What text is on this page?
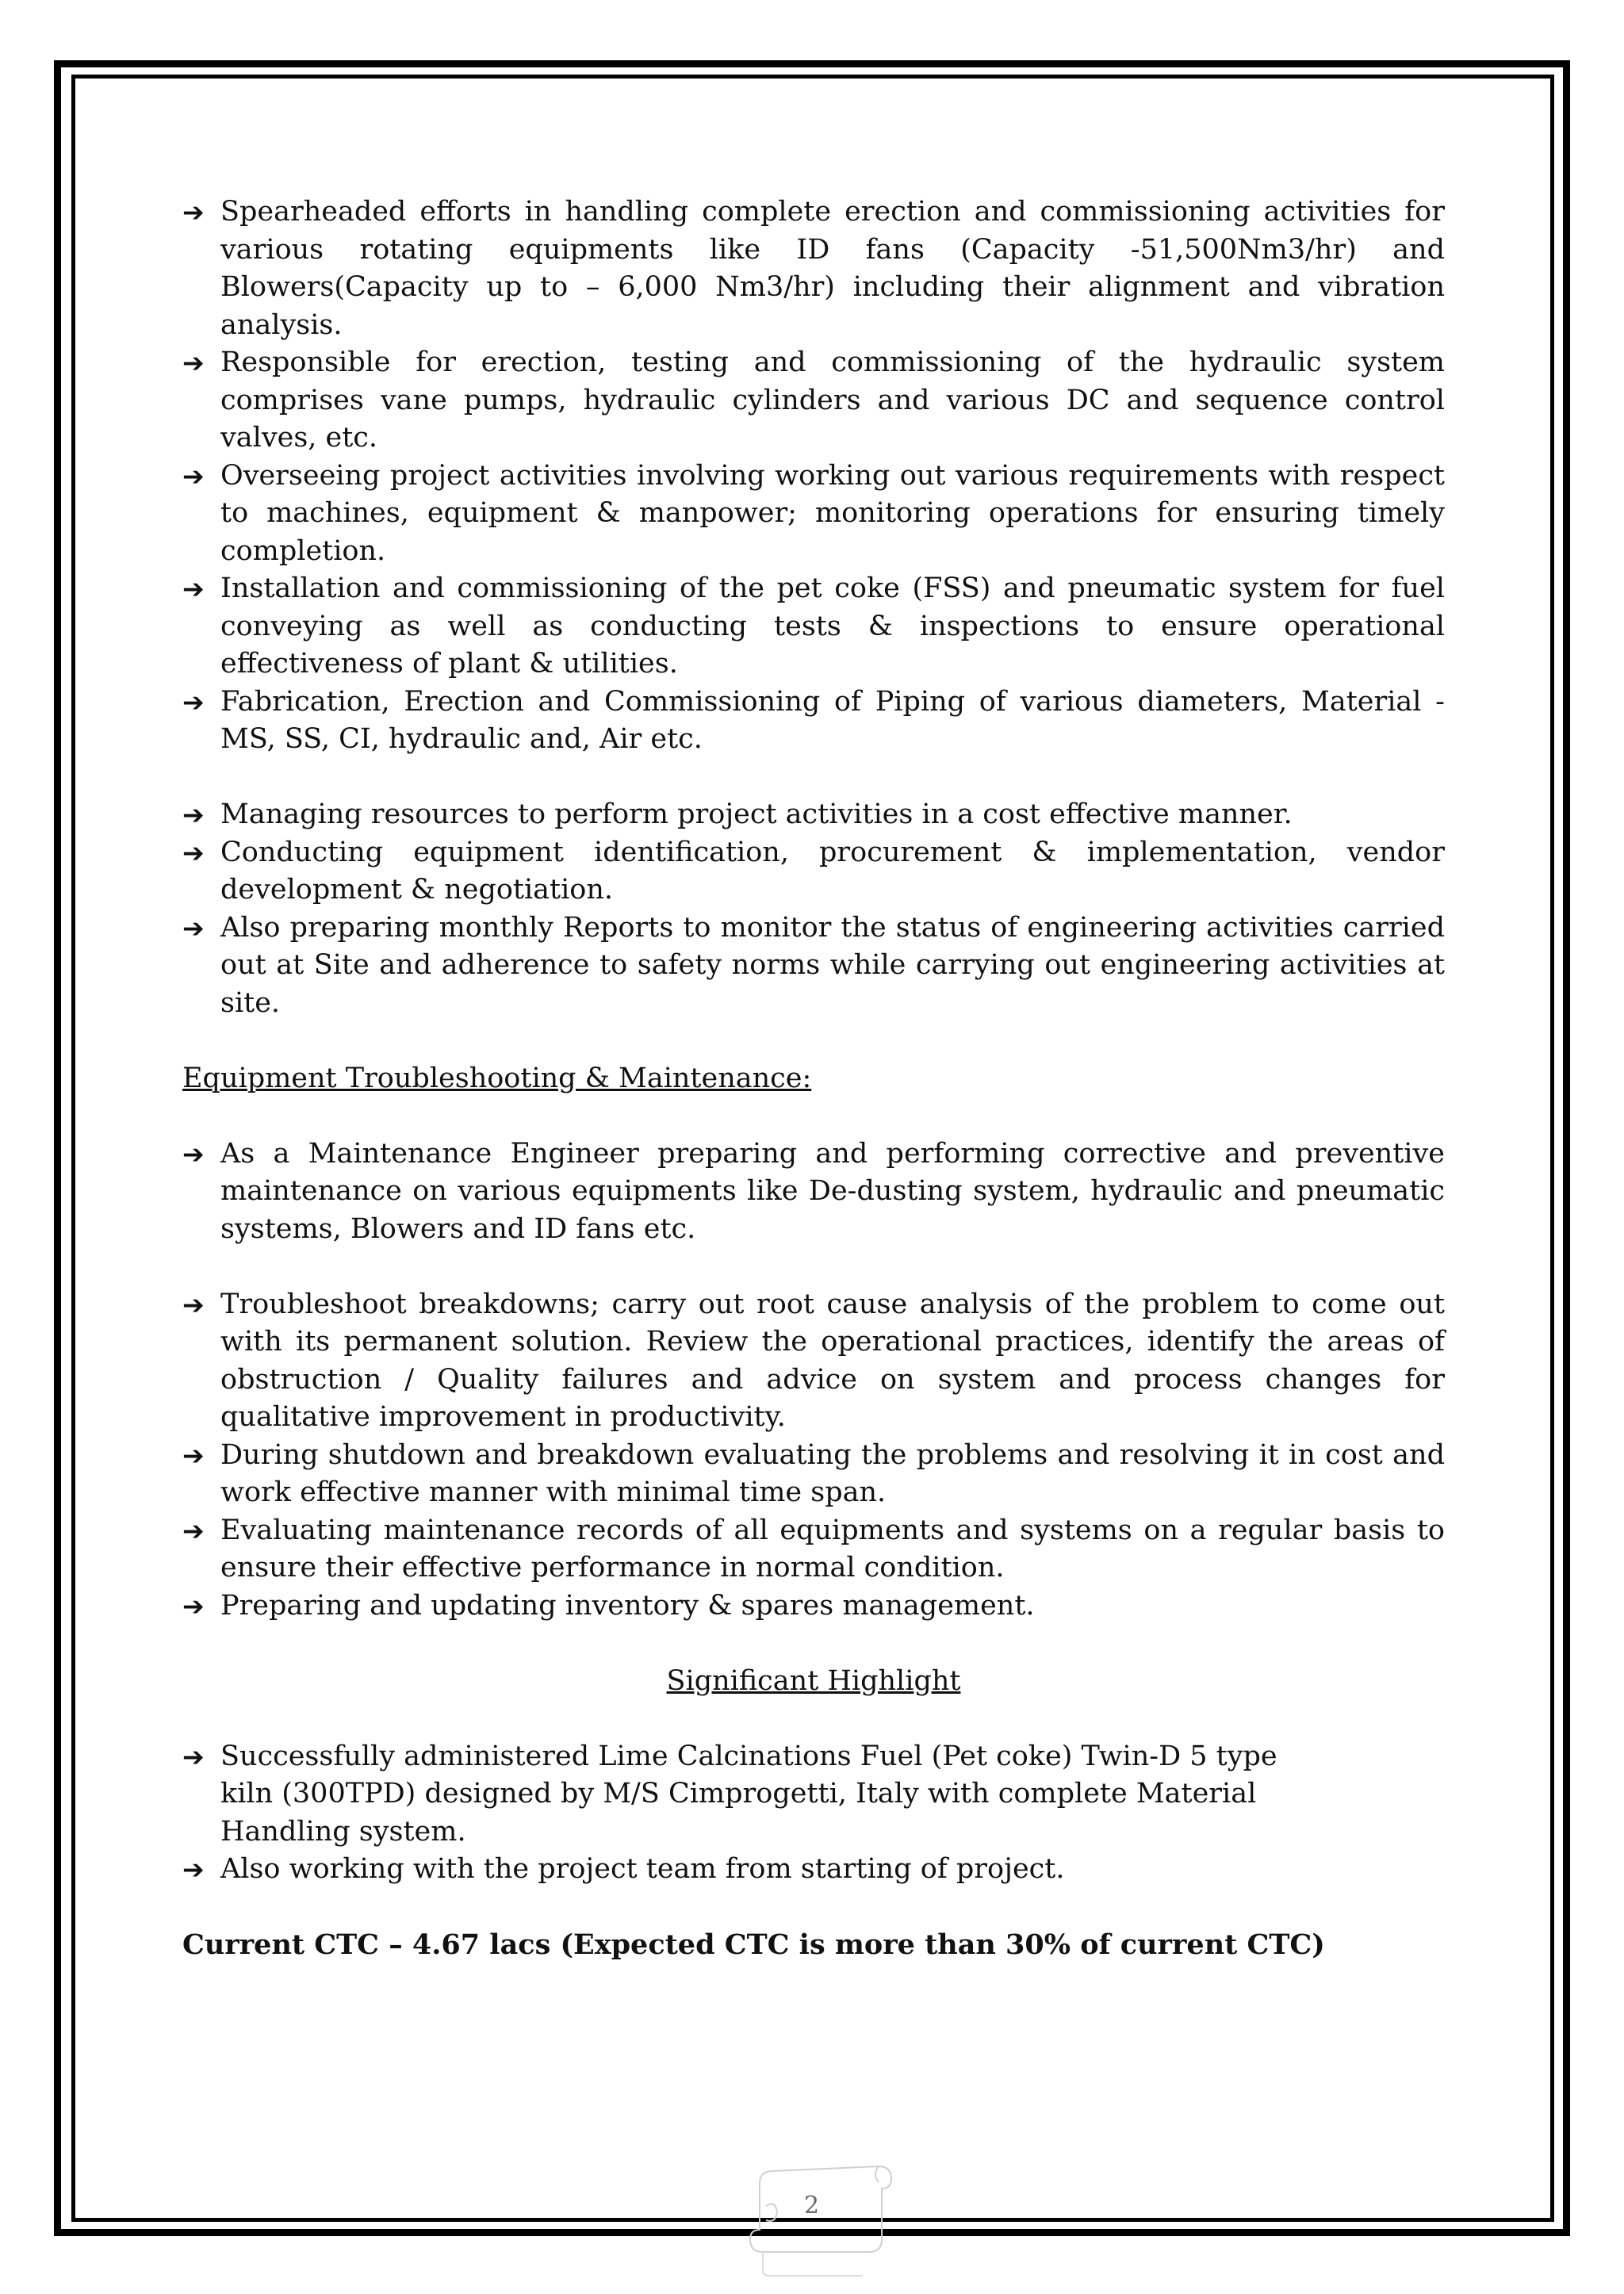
➔ Spearheaded efforts in handling complete erection and commissioning activities for various rotating equipments like ID fans (Capacity -51,500Nm3/hr) and Blowers(Capacity up to – 6,000 Nm3/hr) including their alignment and vibration analysis.
➔ Responsible for erection, testing and commissioning of the hydraulic system comprises vane pumps, hydraulic cylinders and various DC and sequence control valves, etc.
➔ Overseeing project activities involving working out various requirements with respect to machines, equipment & manpower; monitoring operations for ensuring timely completion.
➔ Installation and commissioning of the pet coke (FSS) and pneumatic system for fuel conveying as well as conducting tests & inspections to ensure operational effectiveness of plant & utilities.
➔ Fabrication, Erection and Commissioning of Piping of various diameters, Material - MS, SS, CI, hydraulic and, Air etc.
➔ Managing resources to perform project activities in a cost effective manner.
➔ Conducting equipment identification, procurement & implementation, vendor development & negotiation.
➔ Also preparing monthly Reports to monitor the status of engineering activities carried out at Site and adherence to safety norms while carrying out engineering activities at site.
Equipment Troubleshooting & Maintenance:
➔ As a Maintenance Engineer preparing and performing corrective and preventive maintenance on various equipments like De-dusting system, hydraulic and pneumatic systems, Blowers and ID fans etc.
➔ Troubleshoot breakdowns; carry out root cause analysis of the problem to come out with its permanent solution. Review the operational practices, identify the areas of obstruction / Quality failures and advice on system and process changes for qualitative improvement in productivity.
➔ During shutdown and breakdown evaluating the problems and resolving it in cost and work effective manner with minimal time span.
➔ Evaluating maintenance records of all equipments and systems on a regular basis to ensure their effective performance in normal condition.
➔ Preparing and updating inventory & spares management.
Significant Highlight
➔ Successfully administered Lime Calcinations Fuel (Pet coke) Twin-D 5 type kiln (300TPD) designed by M/S Cimprogetti, Italy with complete Material Handling system.
➔ Also working with the project team from starting of project.
Current CTC – 4.67 lacs (Expected CTC is more than 30% of current CTC)
2
